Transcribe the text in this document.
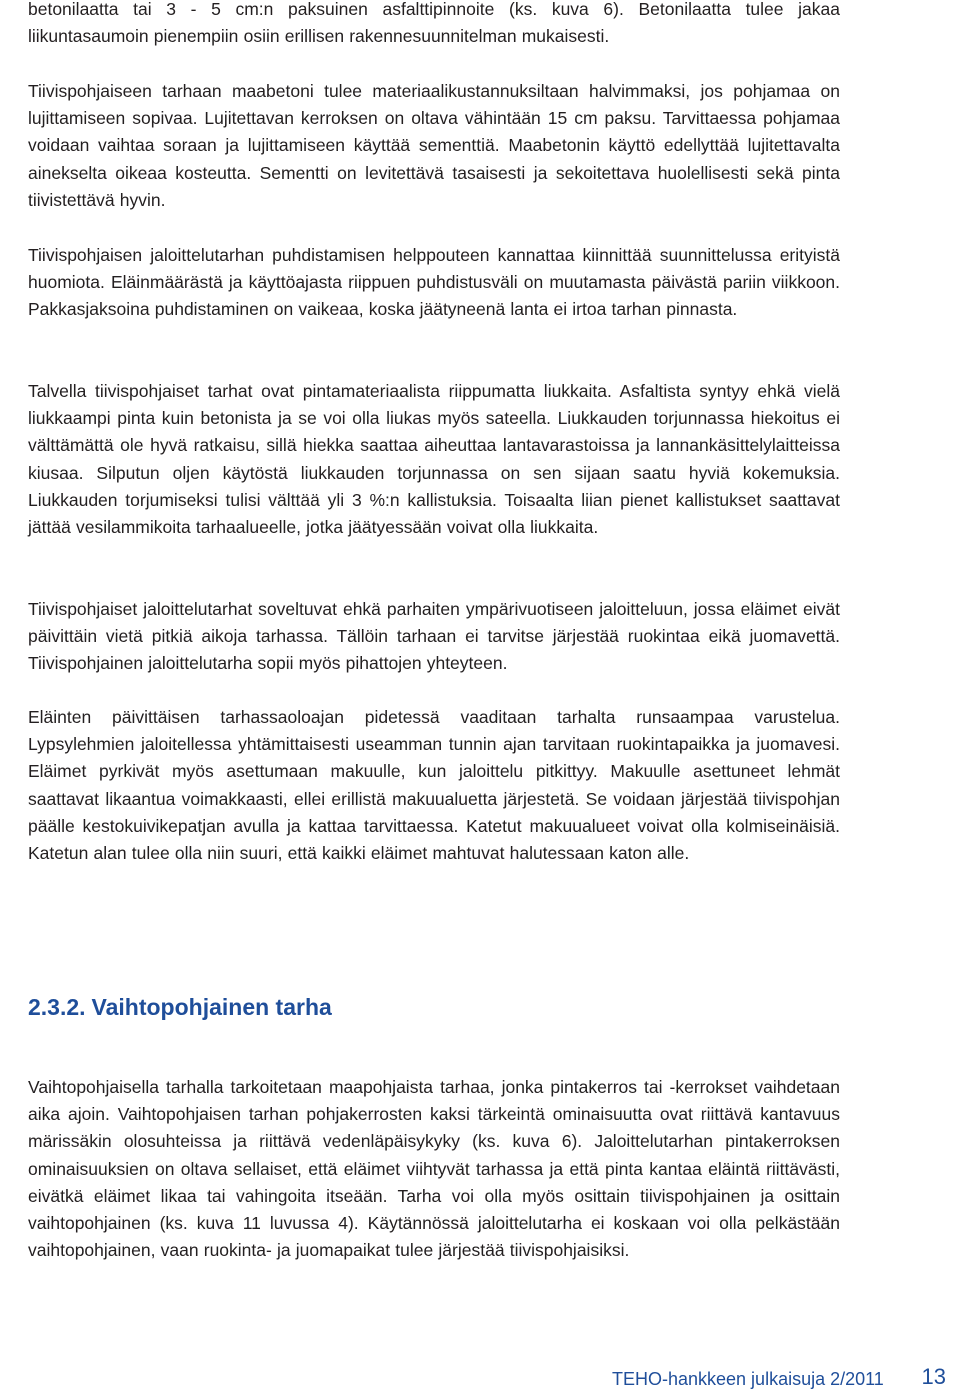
betonilaatta tai 3 - 5 cm:n paksuinen asfalttipinnoite (ks. kuva 6). Betonilaatta tulee jakaa liikuntasaumoin pienempiin osiin erillisen rakennesuunnitelman mukaisesti.

Tiivispohjaiseen tarhaan maabetoni tulee materiaalikustannuksiltaan halvimmaksi, jos pohjamaa on lujittamiseen sopivaa. Lujitettavan kerroksen on oltava vähintään 15 cm paksu. Tarvittaessa pohjamaa voidaan vaihtaa soraan ja lujittamiseen käyttää sementtiä. Maabetonin käyttö edellyttää lujitettavalta ainekselta oikeaa kosteutta. Sementti on levitettävä tasaisesti ja sekoitettava huolellisesti sekä pinta tiivistettävä hyvin.

Tiivispohjaisen jaloittelutarhan puhdistamisen helppouteen kannattaa kiinnittää suunnittelussa erityistä huomiota. Eläinmäärästä ja käyttöajasta riippuen puhdistusväli on muutamasta päivästä pariin viikkoon. Pakkasjaksoina puhdistaminen on vaikeaa, koska jäätyneenä lanta ei irtoa tarhan pinnasta.

Talvella tiivispohjaiset tarhat ovat pintamateriaalista riippumatta liukkaita. Asfaltista syntyy ehkä vielä liukkaampi pinta kuin betonista ja se voi olla liukas myös sateella. Liukkauden torjunnassa hiekoitus ei välttämättä ole hyvä ratkaisu, sillä hiekka saattaa aiheuttaa lantavarastoissa ja lannankäsittelylaitteissa kiusaa. Silputun oljen käytöstä liukkauden torjunnassa on sen sijaan saatu hyviä kokemuksia. Liukkauden torjumiseksi tulisi välttää yli 3 %:n kallistuksia. Toisaalta liian pienet kallistukset saattavat jättää vesilammikoita tarhaalueelle, jotka jäätyessään voivat olla liukkaita.

Tiivispohjaiset jaloittelutarhat soveltuvat ehkä parhaiten ympärivuotiseen jaloitteluun, jossa eläimet eivät päivittäin vietä pitkiä aikoja tarhassa. Tällöin tarhaan ei tarvitse järjestää ruokintaa eikä juomavettä. Tiivispohjainen jaloittelutarha sopii myös pihattojen yhteyteen.

Eläinten päivittäisen tarhassaoloajan pidetessä vaaditaan tarhalta runsaampaa varustelua. Lypsylehmien jaloitellessa yhtämittaisesti useamman tunnin ajan tarvitaan ruokintapaikka ja juomavesi. Eläimet pyrkivät myös asettumaan makuulle, kun jaloittelu pitkittyy. Makuulle asettuneet lehmät saattavat likaantua voimakkaasti, ellei erillistä makuualuetta järjestetä. Se voidaan järjestää tiivispohjan päälle kestokuivikepatjan avulla ja kattaa tarvittaessa. Katetut makuualueet voivat olla kolmiseinäisiä. Katetun alan tulee olla niin suuri, että kaikki eläimet mahtuvat halutessaan katon alle.

2.3.2. Vaihtopohjainen tarha

Vaihtopohjaisella tarhalla tarkoitetaan maapohjaista tarhaa, jonka pintakerros tai -kerrokset vaihdetaan aika ajoin. Vaihtopohjaisen tarhan pohjakerrosten kaksi tärkeintä ominaisuutta ovat riittävä kantavuus märissäkin olosuhteissa ja riittävä vedenläpäisykyky (ks. kuva 6). Jaloittelutarhan pintakerroksen ominaisuuksien on oltava sellaiset, että eläimet viihtyvät tarhassa ja että pinta kantaa eläintä riittävästi, eivätkä eläimet likaa tai vahingoita itseään. Tarha voi olla myös osittain tiivispohjainen ja osittain vaihtopohjainen (ks. kuva 11 luvussa 4). Käytännössä jaloittelutarha ei koskaan voi olla pelkästään vaihtopohjainen, vaan ruokinta- ja juomapaikat tulee järjestää tiivispohjaisiksi.

TEHO-hankkeen julkaisuja 2/2011 13
